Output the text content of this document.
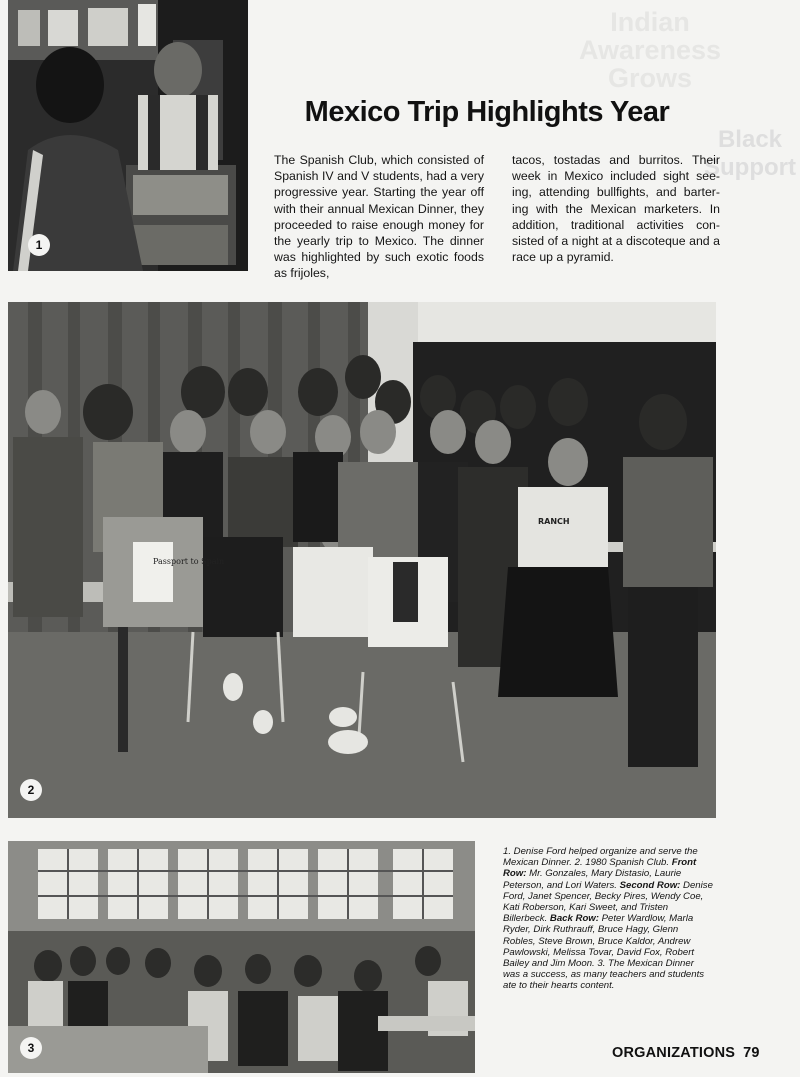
Indian
Awareness
Grows
Black Support
1
Mexico Trip Highlights Year
The Spanish Club, which consisted of Spanish IV and V students, had a very progressive year. Starting the year off with their annual Mexican Dinner, they proceeded to raise enough money for the yearly trip to Mexico. The dinner was highlighted by such exotic foods as frijoles,
tacos, tostadas and burritos. Their week in Mexico included sight see-ing, attending bullfights, and barter-ing with the Mexican marketers. In addition, traditional activities con-sisted of a night at a discoteque and a race up a pyramid.
Passport to Spain
RANCH
2
3
1. Denise Ford helped organize and serve the Mexican Dinner. 2. 1980 Spanish Club. Front Row: Mr. Gonzales, Mary Distasio, Laurie Peterson, and Lori Waters. Second Row: Denise Ford, Janet Spencer, Becky Pires, Wendy Coe, Kati Roberson, Kari Sweet, and Tristen Billerbeck. Back Row: Peter Wardlow, Marla Ryder, Dirk Ruthrauff, Bruce Hagy, Glenn Robles, Steve Brown, Bruce Kaldor, Andrew Pawlowski, Melissa Tovar, David Fox, Robert Bailey and Jim Moon. 3. The Mexican Dinner was a success, as many teachers and students ate to their hearts content.
ORGANIZATIONS 79
